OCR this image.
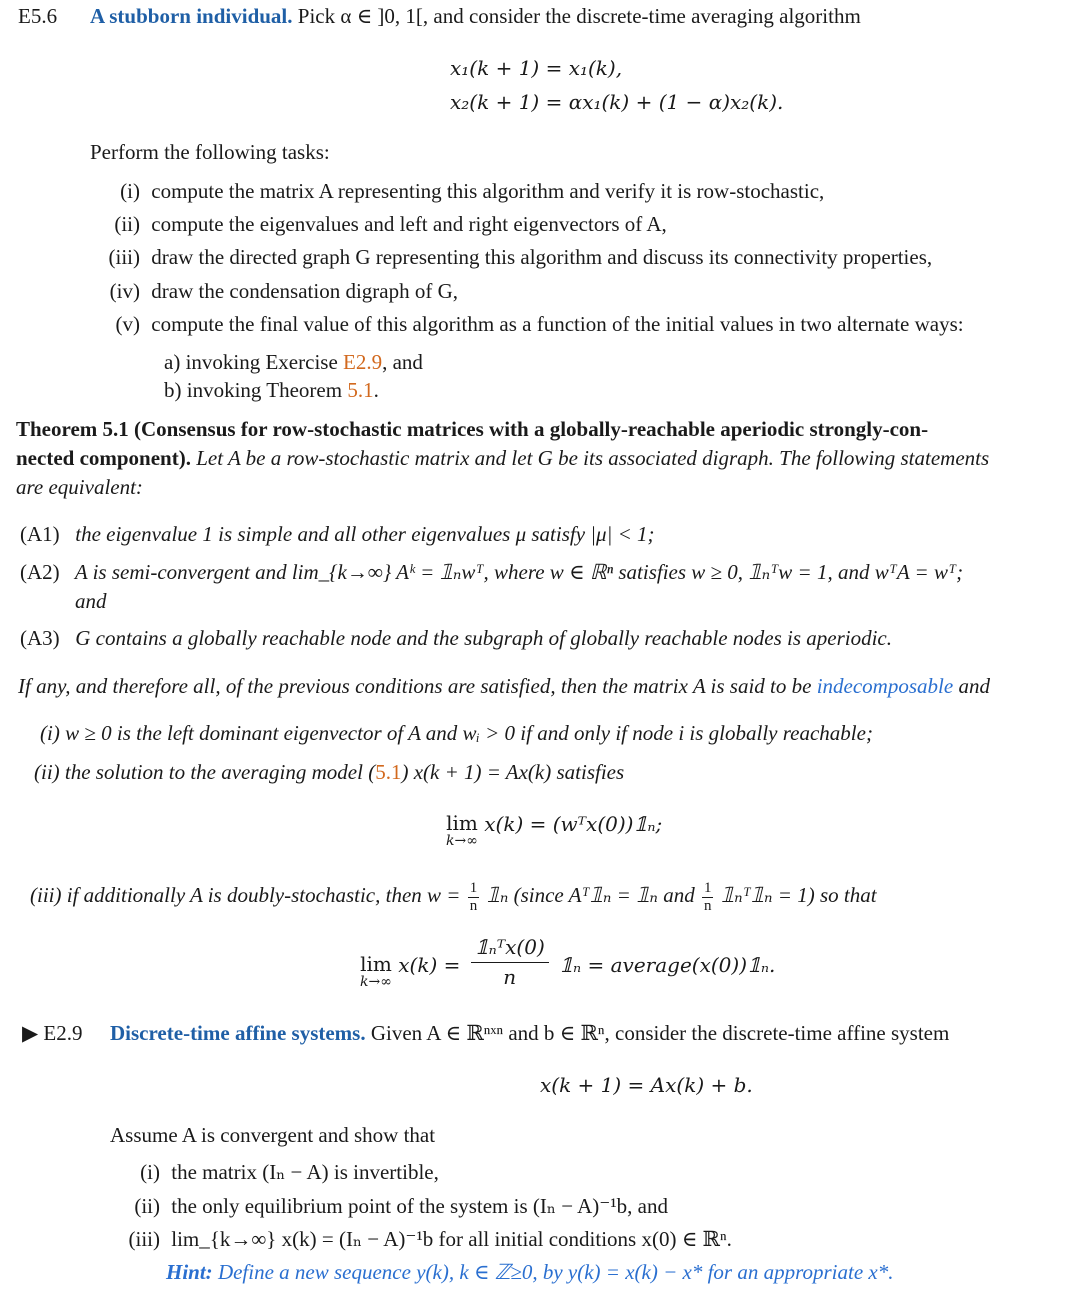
E5.6 A stubborn individual. Pick α ∈ ]0, 1[, and consider the discrete-time averaging algorithm
x₁(k + 1) = x₁(k),
x₂(k + 1) = αx₁(k) + (1 − α)x₂(k).
Perform the following tasks:
(i) compute the matrix A representing this algorithm and verify it is row-stochastic,
(ii) compute the eigenvalues and left and right eigenvectors of A,
(iii) draw the directed graph G representing this algorithm and discuss its connectivity properties,
(iv) draw the condensation digraph of G,
(v) compute the final value of this algorithm as a function of the initial values in two alternate ways:
a) invoking Exercise E2.9, and
b) invoking Theorem 5.1.
Theorem 5.1 (Consensus for row-stochastic matrices with a globally-reachable aperiodic strongly-con-
nected component). Let A be a row-stochastic matrix and let G be its associated digraph. The following statements
are equivalent:
(A1) the eigenvalue 1 is simple and all other eigenvalues μ satisfy |μ| < 1;
(A2) A is semi-convergent and lim_{k→∞} Aᵏ = 𝟙ₙwᵀ, where w ∈ ℝⁿ satisfies w ≥ 0, 𝟙ₙᵀw = 1, and wᵀA = wᵀ;
and
(A3) G contains a globally reachable node and the subgraph of globally reachable nodes is aperiodic.
If any, and therefore all, of the previous conditions are satisfied, then the matrix A is said to be indecomposable and
(i) w ≥ 0 is the left dominant eigenvector of A and wᵢ > 0 if and only if node i is globally reachable;
(ii) the solution to the averaging model (5.1) x(k + 1) = Ax(k) satisfies
lim
k→∞
x(k) = (wᵀx(0))𝟙ₙ;
(iii) if additionally A is doubly-stochastic, then $w = \frac{1}{n}$ 𝟙ₙ (since Aᵀ𝟙ₙ = 𝟙ₙ and $\frac{1}{n}$ 𝟙ₙᵀ𝟙ₙ = 1) so that
lim
k→∞
$x(k) = \frac{\text{𝟙ₙᵀx(0)}}{n}$ 𝟙ₙ = average(x(0))𝟙ₙ.
▶ E2.9 Discrete-time affine systems. Given A ∈ ℝⁿˣⁿ and b ∈ ℝⁿ, consider the discrete-time affine system
x(k + 1) = Ax(k) + b.
Assume A is convergent and show that
(i) the matrix (Iₙ − A) is invertible,
(ii) the only equilibrium point of the system is (Iₙ − A)⁻¹b, and
(iii) lim_{k→∞} x(k) = (Iₙ − A)⁻¹b for all initial conditions x(0) ∈ ℝⁿ.
Hint: Define a new sequence y(k), k ∈ ℤ≥0, by y(k) = x(k) − x* for an appropriate x*.
